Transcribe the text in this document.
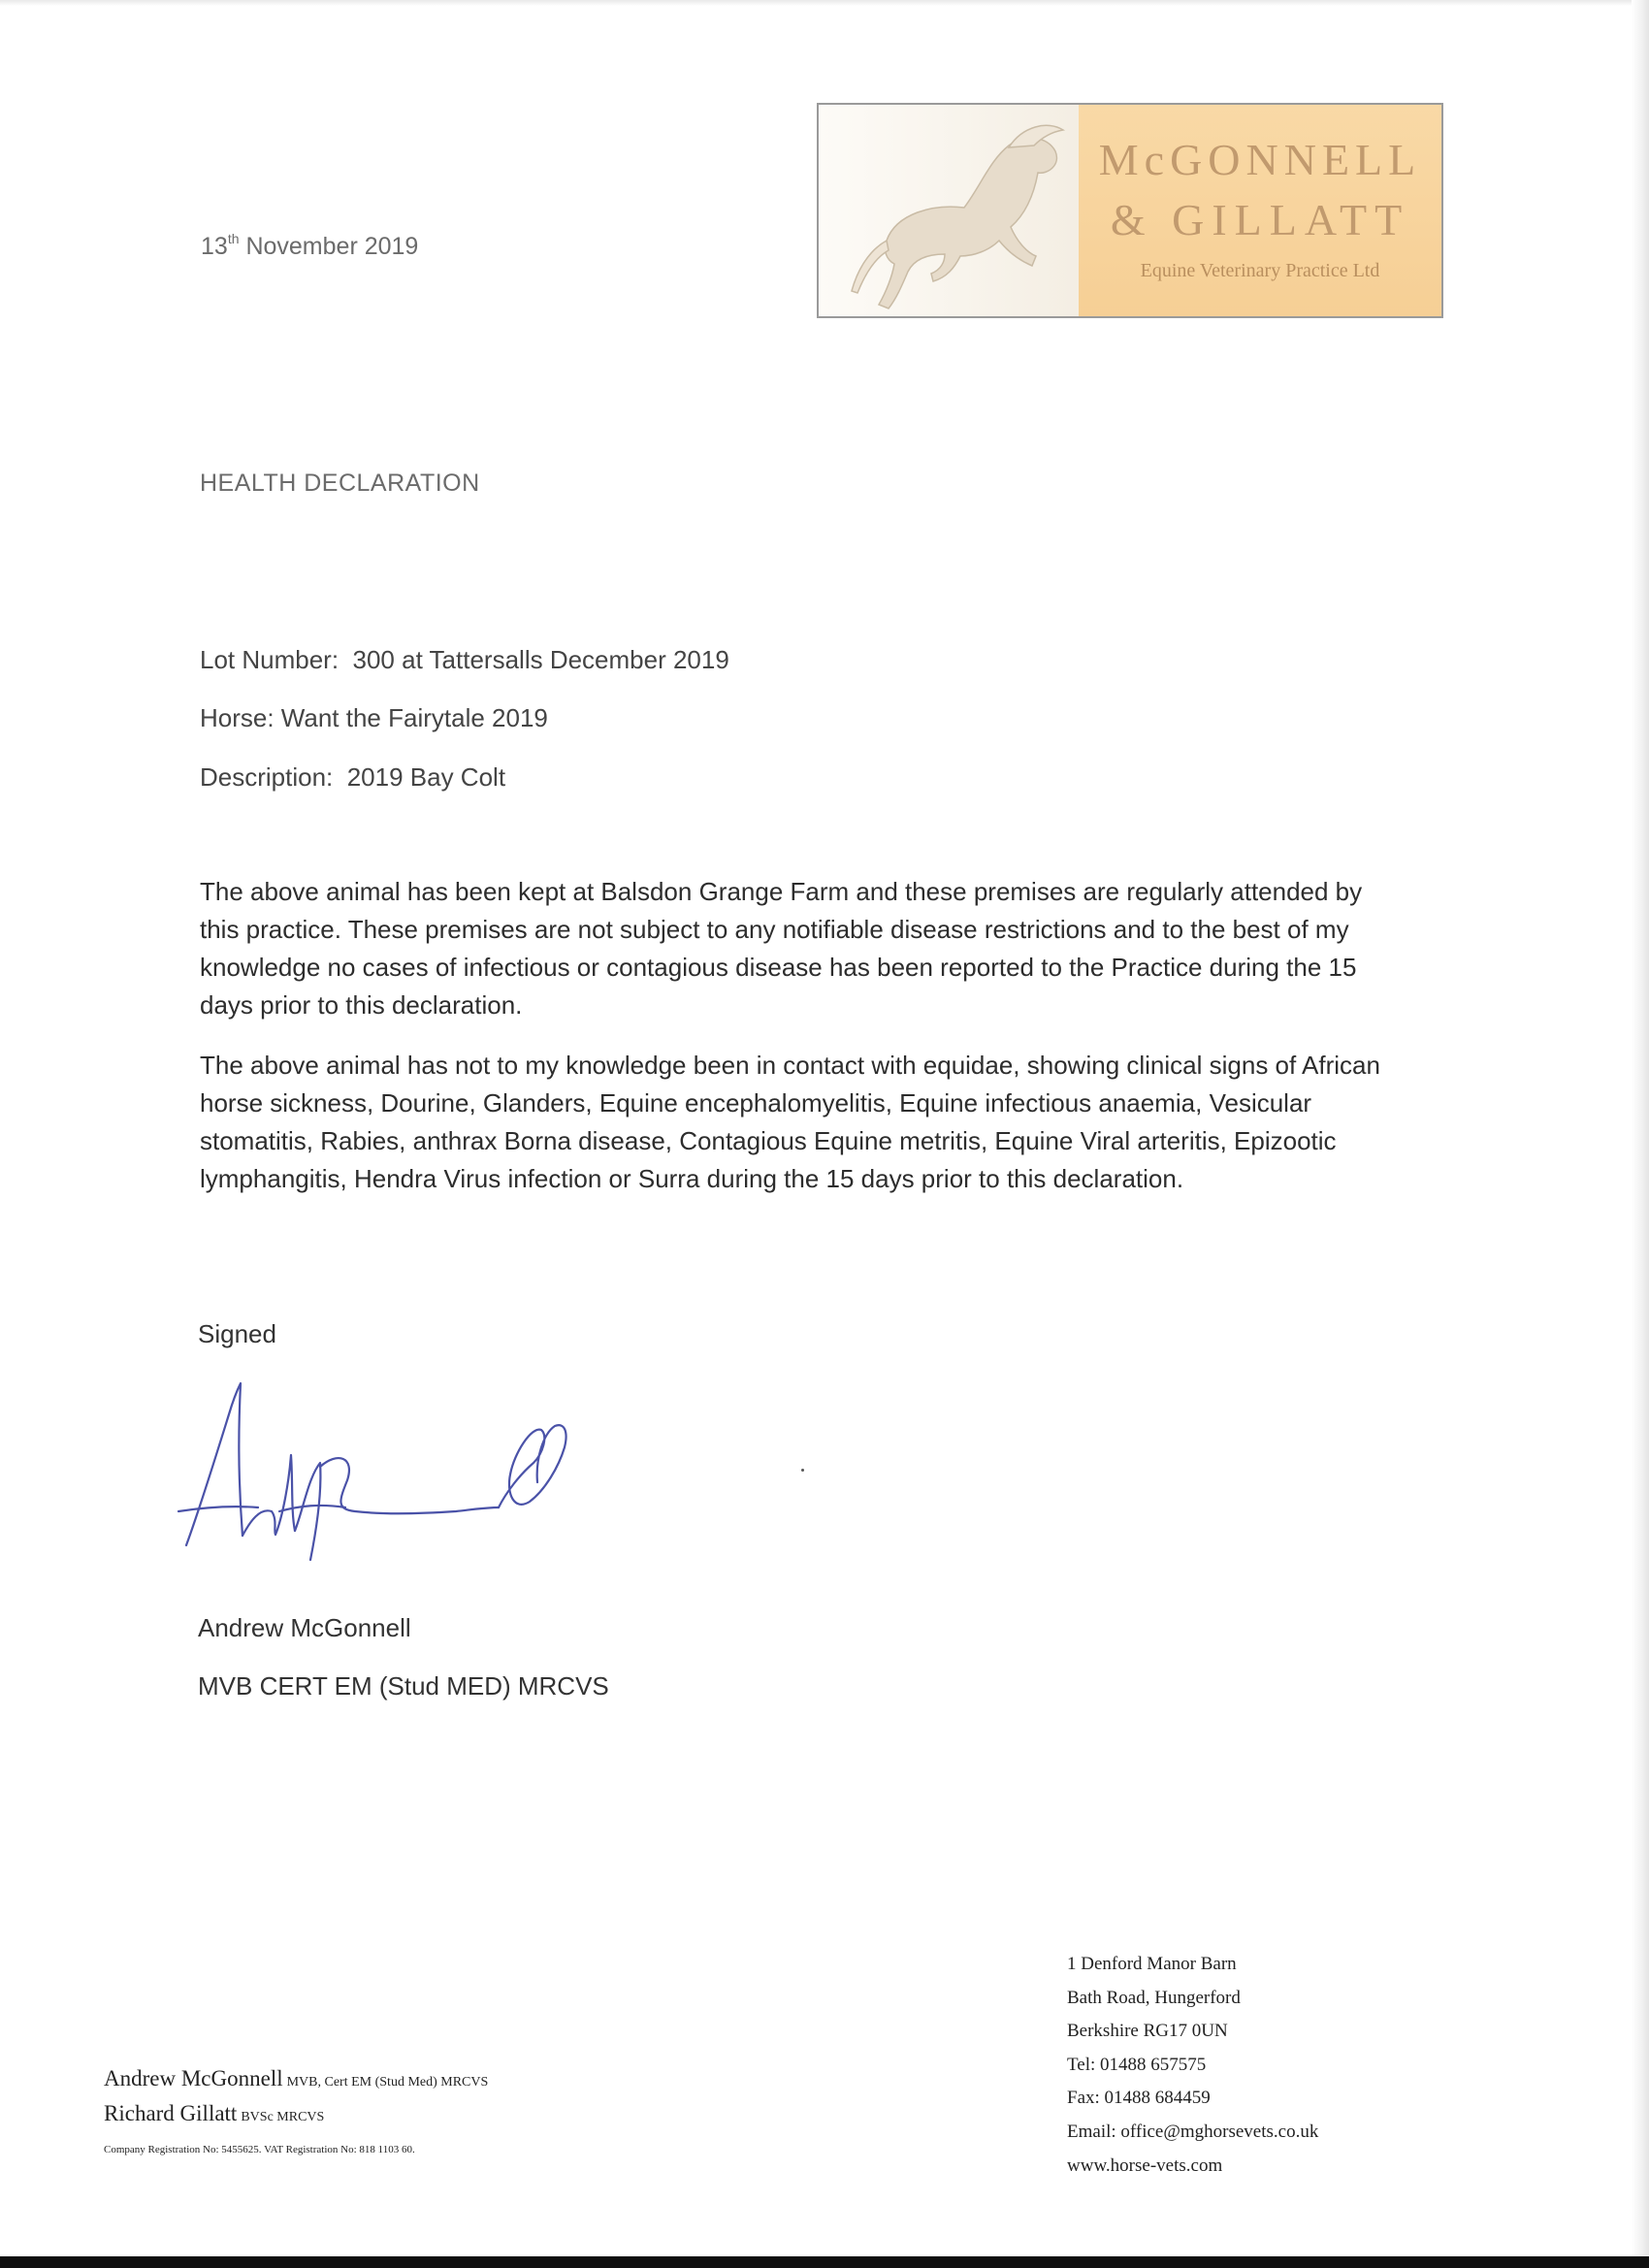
13th November 2019
McGONNELL
& GILLATT
Equine Veterinary Practice Ltd
HEALTH DECLARATION
Lot Number:  300 at Tattersalls December 2019
Horse: Want the Fairytale 2019
Description:  2019 Bay Colt

The above animal has been kept at Balsdon Grange Farm and these premises are regularly attended by this practice. These premises are not subject to any notifiable disease restrictions and to the best of my knowledge no cases of infectious or contagious disease has been reported to the Practice during the 15 days prior to this declaration.

The above animal has not to my knowledge been in contact with equidae, showing clinical signs of African horse sickness, Dourine, Glanders, Equine encephalomyelitis, Equine infectious anaemia, Vesicular stomatitis, Rabies, anthrax Borna disease, Contagious Equine metritis, Equine Viral arteritis, Epizootic lymphangitis, Hendra Virus infection or Surra during the 15 days prior to this declaration.

Signed
Andrew McGonnell
MVB CERT EM (Stud MED) MRCVS
Andrew McGonnell MVB, Cert EM (Stud Med) MRCVS
Richard Gillatt BVSc MRCVS
Company Registration No: 5455625. VAT Registration No: 818 1103 60.
1 Denford Manor Barn
Bath Road, Hungerford
Berkshire RG17 0UN
Tel: 01488 657575
Fax: 01488 684459
Email: office@mghorsevets.co.uk
www.horse-vets.com
